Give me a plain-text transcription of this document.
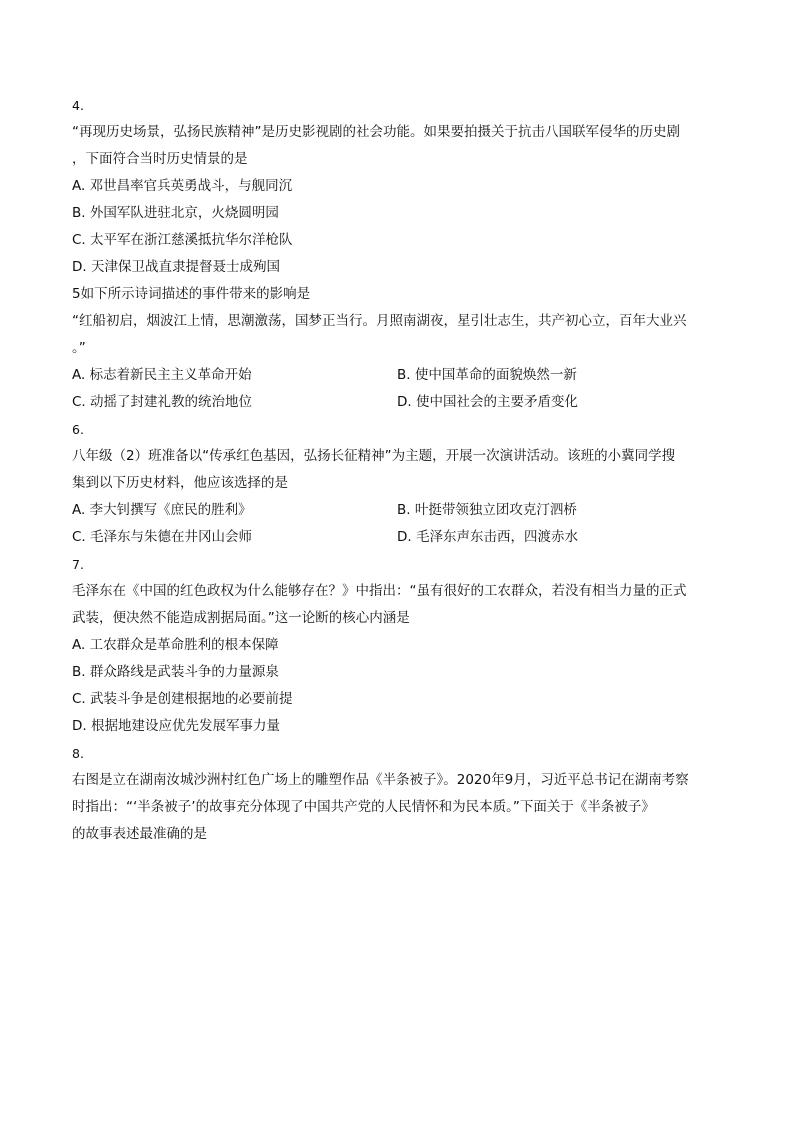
4.
“再现历史场景，弘扬民族精神”是历史影视剧的社会功能。如果要拍摄关于抗击八国联军侵华的历史剧
，下面符合当时历史情景的是
A. 邓世昌率官兵英勇战斗，与舰同沉
B. 外国军队进驻北京，火烧圆明园
C. 太平军在浙江慈溪抵抗华尔洋枪队
D. 天津保卫战直隶提督聂士成殉国
5如下所示诗词描述的事件带来的影响是
“红船初启，烟波江上情，思潮激荡，国梦正当行。月照南湖夜，星引壮志生，共产初心立，百年大业兴
。”
A. 标志着新民主主义革命开始	B. 使中国革命的面貌焕然一新
C. 动摇了封建礼教的统治地位	D. 使中国社会的主要矛盾变化
6.
八年级（2）班准备以“传承红色基因，弘扬长征精神”为主题，开展一次演讲活动。该班的小冀同学搜
集到以下历史材料，他应该选择的是
A. 李大钊撰写《庶民的胜利》	B. 叶挺带领独立团攻克汀泗桥
C. 毛泽东与朱德在井冈山会师	D. 毛泽东声东击西，四渡赤水
7.
毛泽东在《中国的红色政权为什么能够存在？》中指出：“虽有很好的工农群众，若没有相当力量的正式
武装，便决然不能造成割据局面。”这一论断的核心内涵是
A. 工农群众是革命胜利的根本保障
B. 群众路线是武装斗争的力量源泉
C. 武装斗争是创建根据地的必要前提
D. 根据地建设应优先发展军事力量
8.
右图是立在湖南汝城沙洲村红色广场上的雕塑作品《半条被子》。2020年9月，习近平总书记在湖南考察
时指出：“‘半条被子’的故事充分体现了中国共产党的人民情怀和为民本质。”下面关于《半条被子》
的故事表述最准确的是
